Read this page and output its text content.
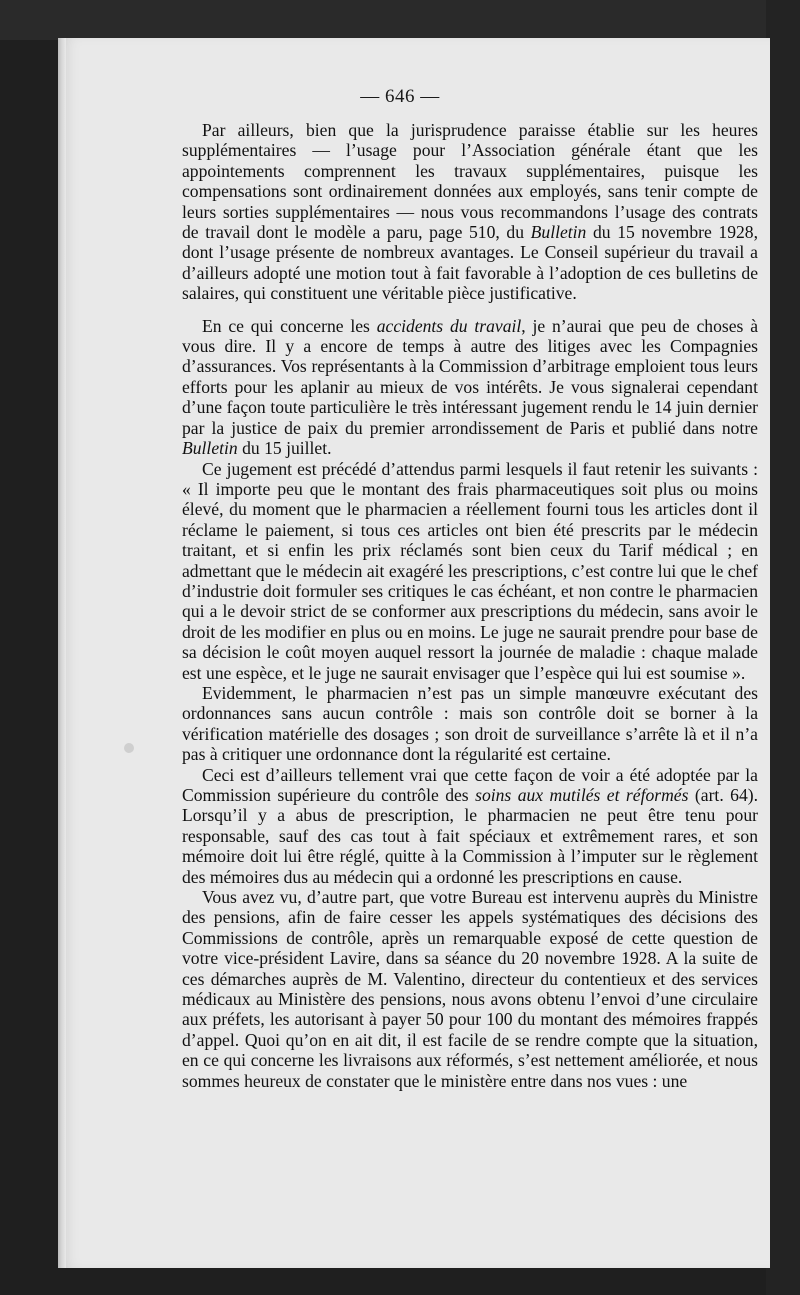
— 646 —

Par ailleurs, bien que la jurisprudence paraisse établie sur les heures supplémentaires — l’usage pour l’Association générale étant que les appointements comprennent les travaux supplémentaires, puisque les compensations sont ordinairement données aux employés, sans tenir compte de leurs sorties supplémentaires — nous vous recommandons l’usage des contrats de travail dont le modèle a paru, page 510, du Bulletin du 15 novembre 1928, dont l’usage présente de nombreux avantages. Le Conseil supérieur du travail a d’ailleurs adopté une motion tout à fait favorable à l’adoption de ces bulletins de salaires, qui constituent une véritable pièce justificative.

En ce qui concerne les accidents du travail, je n’aurai que peu de choses à vous dire. Il y a encore de temps à autre des litiges avec les Compagnies d’assurances. Vos représentants à la Commission d’arbitrage emploient tous leurs efforts pour les aplanir au mieux de vos intérêts. Je vous signalerai cependant d’une façon toute particulière le très intéressant jugement rendu le 14 juin dernier par la justice de paix du premier arrondissement de Paris et publié dans notre Bulletin du 15 juillet.

Ce jugement est précédé d’attendus parmi lesquels il faut retenir les suivants : « Il importe peu que le montant des frais pharmaceutiques soit plus ou moins élevé, du moment que le pharmacien a réellement fourni tous les articles dont il réclame le paiement, si tous ces articles ont bien été prescrits par le médecin traitant, et si enfin les prix réclamés sont bien ceux du Tarif médical ; en admettant que le médecin ait exagéré les prescriptions, c’est contre lui que le chef d’industrie doit formuler ses critiques le cas échéant, et non contre le pharmacien qui a le devoir strict de se conformer aux prescriptions du médecin, sans avoir le droit de les modifier en plus ou en moins. Le juge ne saurait prendre pour base de sa décision le coût moyen auquel ressort la journée de maladie : chaque malade est une espèce, et le juge ne saurait envisager que l’espèce qui lui est soumise ».

Evidemment, le pharmacien n’est pas un simple manœuvre exécutant des ordonnances sans aucun contrôle : mais son contrôle doit se borner à la vérification matérielle des dosages ; son droit de surveillance s’arrête là et il n’a pas à critiquer une ordonnance dont la régularité est certaine.

Ceci est d’ailleurs tellement vrai que cette façon de voir a été adoptée par la Commission supérieure du contrôle des soins aux mutilés et réformés (art. 64). Lorsqu’il y a abus de prescription, le pharmacien ne peut être tenu pour responsable, sauf des cas tout à fait spéciaux et extrêmement rares, et son mémoire doit lui être réglé, quitte à la Commission à l’imputer sur le règlement des mémoires dus au médecin qui a ordonné les prescriptions en cause.

Vous avez vu, d’autre part, que votre Bureau est intervenu auprès du Ministre des pensions, afin de faire cesser les appels systématiques des décisions des Commissions de contrôle, après un remarquable exposé de cette question de votre vice-président Lavire, dans sa séance du 20 novembre 1928. A la suite de ces démarches auprès de M. Valentino, directeur du contentieux et des services médicaux au Ministère des pensions, nous avons obtenu l’envoi d’une circulaire aux préfets, les autorisant à payer 50 pour 100 du montant des mémoires frappés d’appel. Quoi qu’on en ait dit, il est facile de se rendre compte que la situation, en ce qui concerne les livraisons aux réformés, s’est nettement améliorée, et nous sommes heureux de constater que le ministère entre dans nos vues : une
